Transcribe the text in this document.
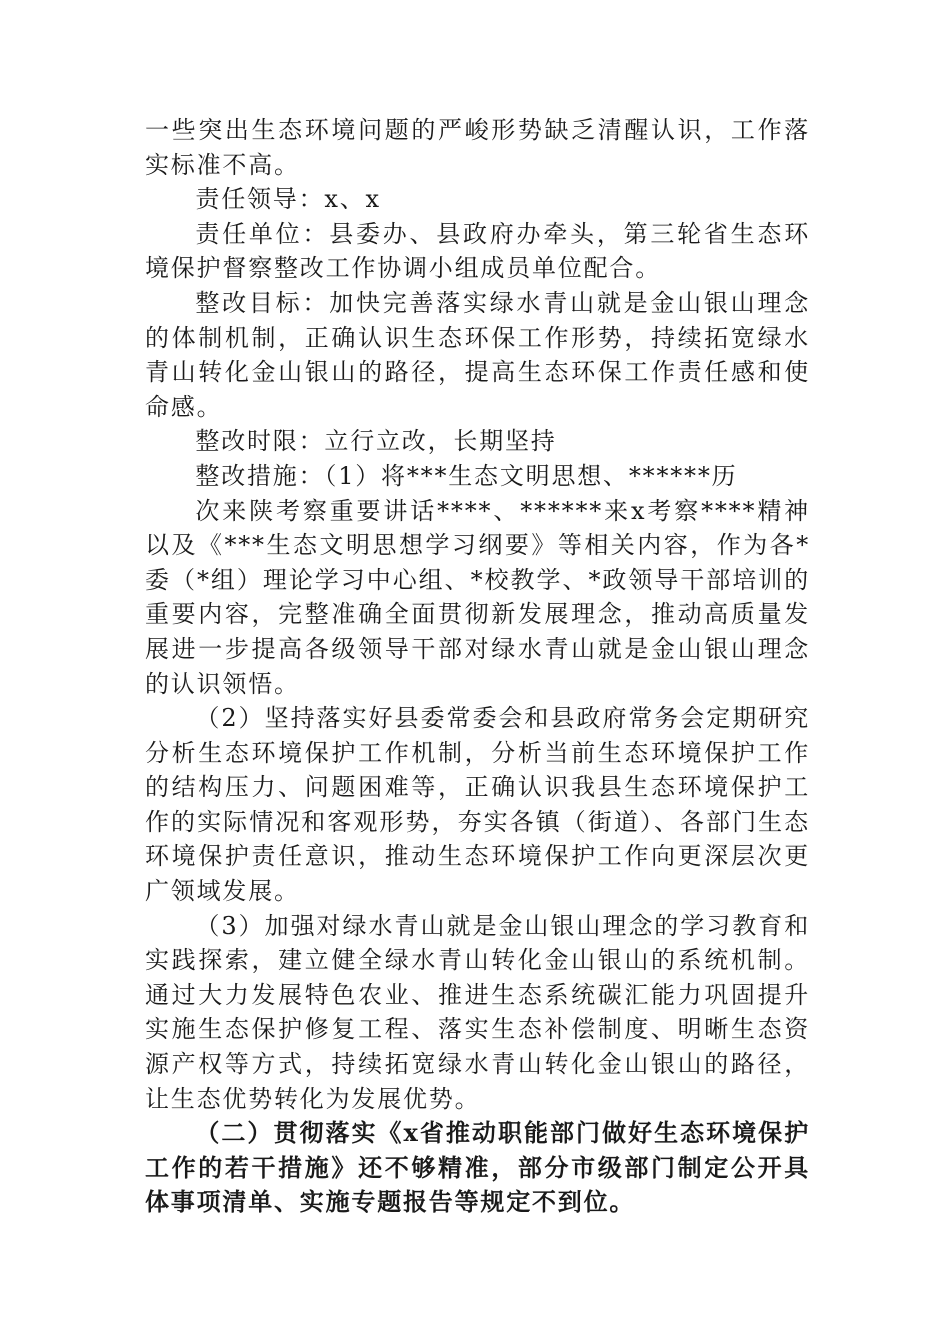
一些突出生态环境问题的严峻形势缺乏清醒认识，工作落实标准不高。

责任领导：x、x

责任单位：县委办、县政府办牵头，第三轮省生态环境保护督察整改工作协调小组成员单位配合。

整改目标：加快完善落实绿水青山就是金山银山理念的体制机制，正确认识生态环保工作形势，持续拓宽绿水青山转化金山银山的路径，提高生态环保工作责任感和使命感。

整改时限：立行立改，长期坚持

整改措施：（1）将***生态文明思想、******历

次来陕考察重要讲话****、******来x考察****精神以及《***生态文明思想学习纲要》等相关内容，作为各*委（*组）理论学习中心组、*校教学、*政领导干部培训的重要内容，完整准确全面贯彻新发展理念，推动高质量发展进一步提高各级领导干部对绿水青山就是金山银山理念的认识领悟。

（2）坚持落实好县委常委会和县政府常务会定期研究分析生态环境保护工作机制，分析当前生态环境保护工作的结构压力、问题困难等，正确认识我县生态环境保护工作的实际情况和客观形势，夯实各镇（街道）、各部门生态环境保护责任意识，推动生态环境保护工作向更深层次更广领域发展。

（3）加强对绿水青山就是金山银山理念的学习教育和实践探索，建立健全绿水青山转化金山银山的系统机制。通过大力发展特色农业、推进生态系统碳汇能力巩固提升实施生态保护修复工程、落实生态补偿制度、明晰生态资源产权等方式，持续拓宽绿水青山转化金山银山的路径，让生态优势转化为发展优势。

（二）贯彻落实《x省推动职能部门做好生态环境保护工作的若干措施》还不够精准，部分市级部门制定公开具体事项清单、实施专题报告等规定不到位。
